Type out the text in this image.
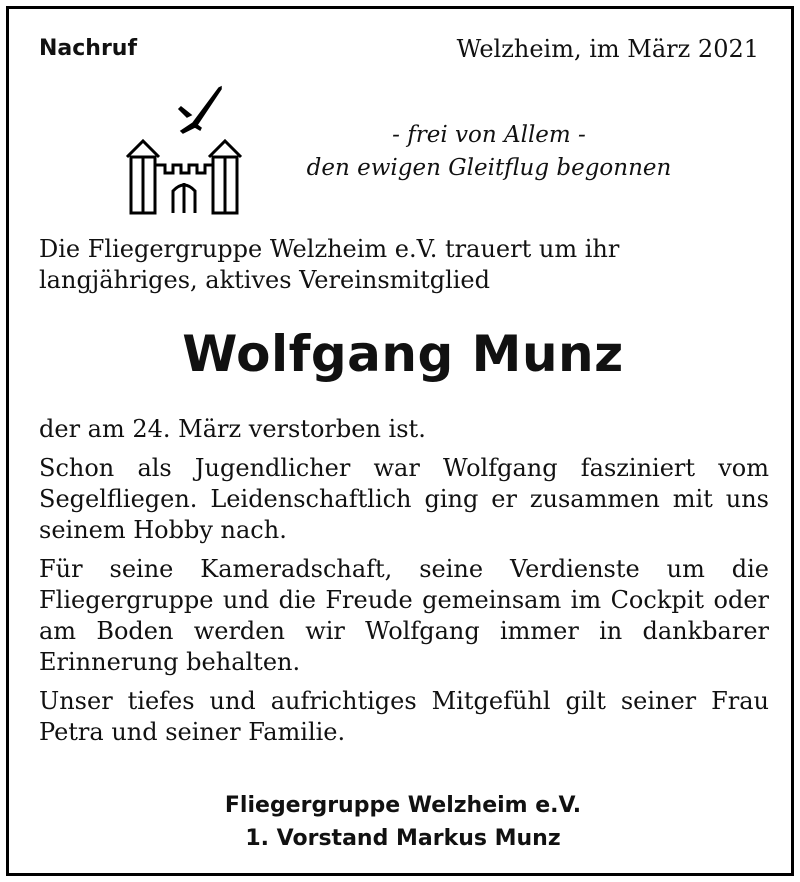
Nachruf	Welzheim, im März 2021
- frei von Allem -
den ewigen Gleitflug begonnen
Die Fliegergruppe Welzheim e.V. trauert um ihr langjähriges, aktives Vereinsmitglied
Wolfgang Munz

der am 24. März verstorben ist.

Schon als Jugendlicher war Wolfgang fasziniert vom Segelfliegen. Leidenschaftlich ging er zusammen mit uns seinem Hobby nach.

Für seine Kameradschaft, seine Verdienste um die Fliegergruppe und die Freude gemeinsam im Cockpit oder am Boden werden wir Wolfgang immer in dankbarer Erinnerung behalten.

Unser tiefes und aufrichtiges Mitgefühl gilt seiner Frau Petra und seiner Familie.

Fliegergruppe Welzheim e.V.
1. Vorstand Markus Munz
